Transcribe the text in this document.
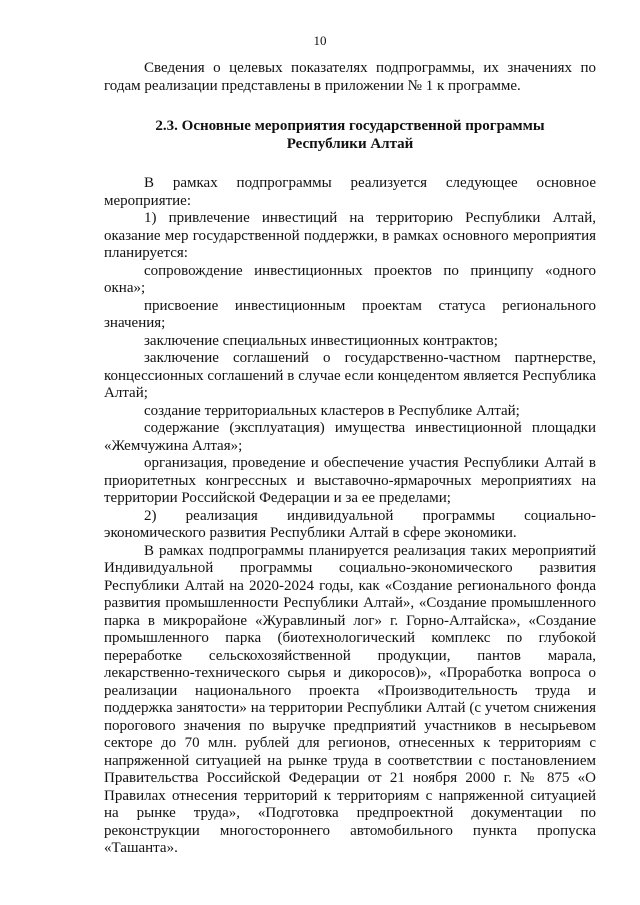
10

Сведения о целевых показателях подпрограммы, их значениях по годам реализации представлены в приложении № 1 к программе.

2.3. Основные мероприятия государственной программы
Республики Алтай

В рамках подпрограммы реализуется следующее основное мероприятие:

1) привлечение инвестиций на территорию Республики Алтай, оказание мер государственной поддержки, в рамках основного мероприятия планируется:

сопровождение инвестиционных проектов по принципу «одного окна»;

присвоение инвестиционным проектам статуса регионального значения;

заключение специальных инвестиционных контрактов;

заключение соглашений о государственно-частном партнерстве, концессионных соглашений в случае если концедентом является Республика Алтай;

создание территориальных кластеров в Республике Алтай;

содержание (эксплуатация) имущества инвестиционной площадки «Жемчужина Алтая»;

организация, проведение и обеспечение участия Республики Алтай в приоритетных конгрессных и выставочно-ярмарочных мероприятиях на территории Российской Федерации и за ее пределами;

2) реализация индивидуальной программы социально-экономического развития Республики Алтай в сфере экономики.

В рамках подпрограммы планируется реализация таких мероприятий Индивидуальной программы социально-экономического развития Республики Алтай на 2020-2024 годы, как «Создание регионального фонда развития промышленности Республики Алтай», «Создание промышленного парка в микрорайоне «Журавлиный лог» г. Горно-Алтайска», «Создание промышленного парка (биотехнологический комплекс по глубокой переработке сельскохозяйственной продукции, пантов марала, лекарственно-технического сырья и дикоросов)», «Проработка вопроса о реализации национального проекта «Производительность труда и поддержка занятости» на территории Республики Алтай (с учетом снижения порогового значения по выручке предприятий участников в несырьевом секторе до 70 млн. рублей для регионов, отнесенных к территориям с напряженной ситуацией на рынке труда в соответствии с постановлением Правительства Российской Федерации от 21 ноября 2000 г. № 875 «О Правилах отнесения территорий к территориям с напряженной ситуацией на рынке труда», «Подготовка предпроектной документации по реконструкции многостороннего автомобильного пункта пропуска «Ташанта».
